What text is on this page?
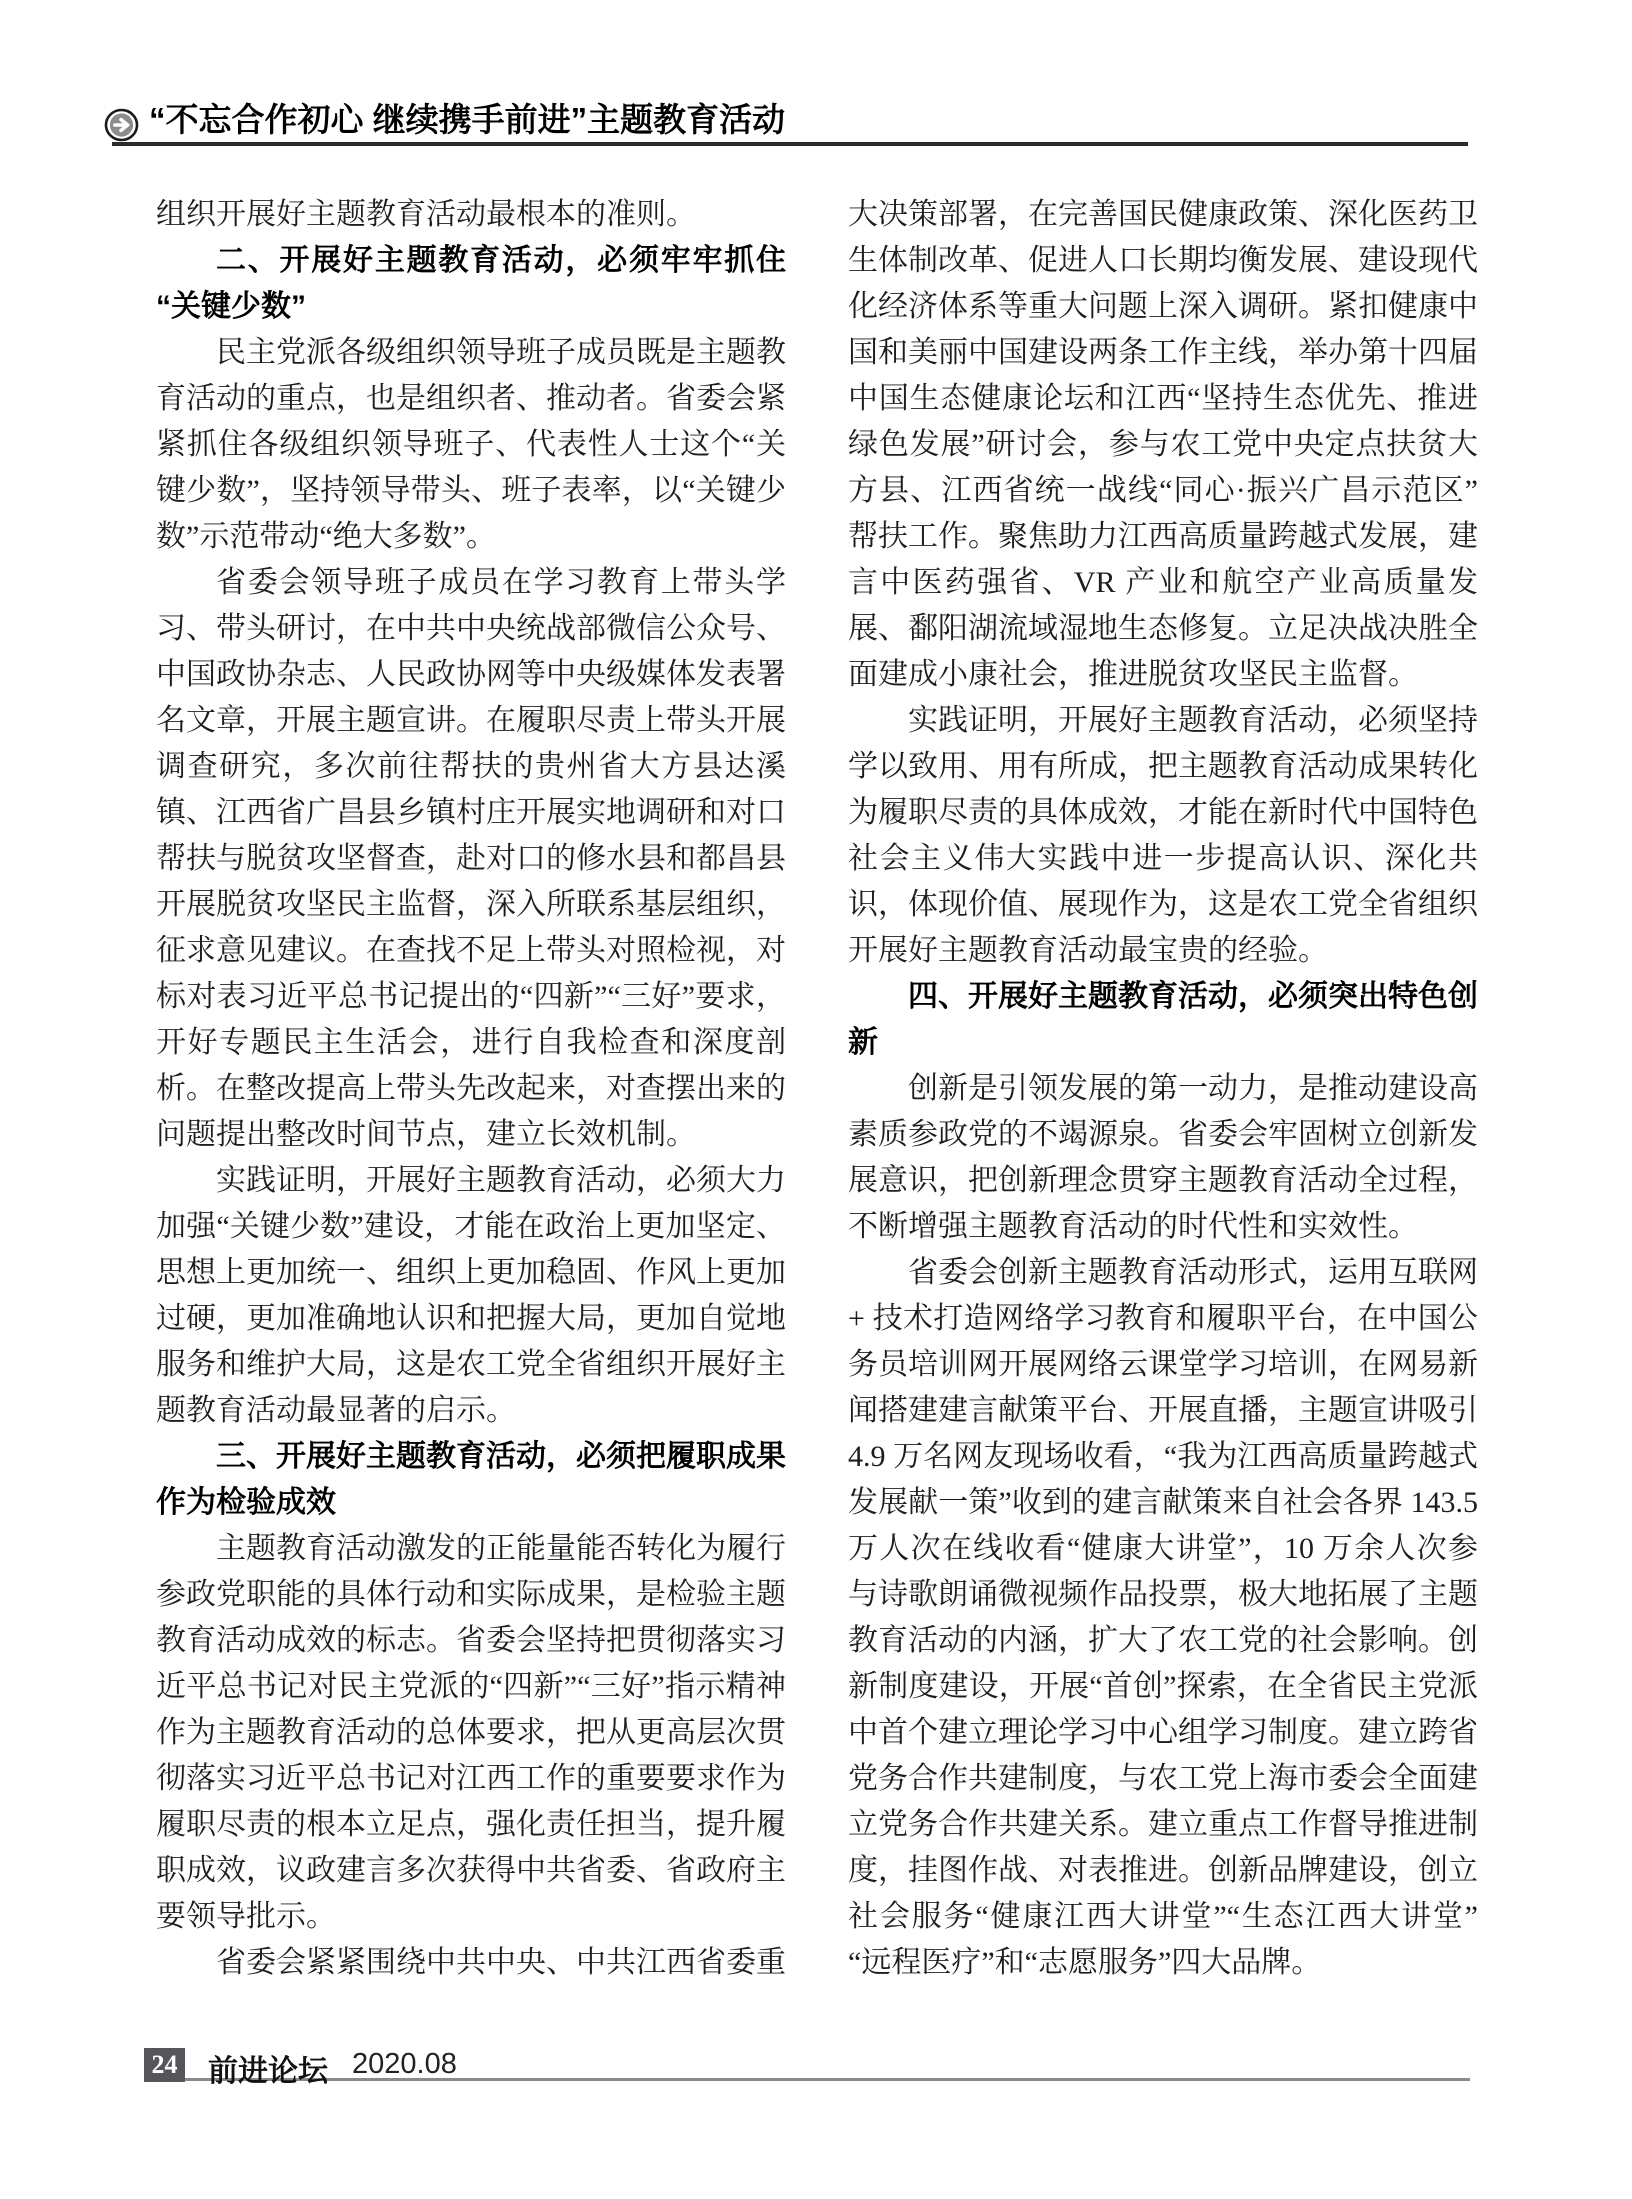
“不忘合作初心 继续携手前进”主题教育活动

组织开展好主题教育活动最根本的准则。

二、开展好主题教育活动，必须牢牢抓住“关键少数”

民主党派各级组织领导班子成员既是主题教育活动的重点，也是组织者、推动者。省委会紧紧抓住各级组织领导班子、代表性人士这个“关键少数”，坚持领导带头、班子表率，以“关键少数”示范带动“绝大多数”。

省委会领导班子成员在学习教育上带头学习、带头研讨，在中共中央统战部微信公众号、中国政协杂志、人民政协网等中央级媒体发表署名文章，开展主题宣讲。在履职尽责上带头开展调查研究，多次前往帮扶的贵州省大方县达溪镇、江西省广昌县乡镇村庄开展实地调研和对口帮扶与脱贫攻坚督查，赴对口的修水县和都昌县开展脱贫攻坚民主监督，深入所联系基层组织，征求意见建议。在查找不足上带头对照检视，对标对表习近平总书记提出的“四新”“三好”要求，开好专题民主生活会，进行自我检查和深度剖析。在整改提高上带头先改起来，对查摆出来的问题提出整改时间节点，建立长效机制。

实践证明，开展好主题教育活动，必须大力加强“关键少数”建设，才能在政治上更加坚定、思想上更加统一、组织上更加稳固、作风上更加过硬，更加准确地认识和把握大局，更加自觉地服务和维护大局，这是农工党全省组织开展好主题教育活动最显著的启示。

三、开展好主题教育活动，必须把履职成果作为检验成效

主题教育活动激发的正能量能否转化为履行参政党职能的具体行动和实际成果，是检验主题教育活动成效的标志。省委会坚持把贯彻落实习近平总书记对民主党派的“四新”“三好”指示精神作为主题教育活动的总体要求，把从更高层次贯彻落实习近平总书记对江西工作的重要要求作为履职尽责的根本立足点，强化责任担当，提升履职成效，议政建言多次获得中共省委、省政府主要领导批示。

省委会紧紧围绕中共中央、中共江西省委重

大决策部署，在完善国民健康政策、深化医药卫生体制改革、促进人口长期均衡发展、建设现代化经济体系等重大问题上深入调研。紧扣健康中国和美丽中国建设两条工作主线，举办第十四届中国生态健康论坛和江西“坚持生态优先、推进绿色发展”研讨会，参与农工党中央定点扶贫大方县、江西省统一战线“同心·振兴广昌示范区”帮扶工作。聚焦助力江西高质量跨越式发展，建言中医药强省、VR 产业和航空产业高质量发展、鄱阳湖流域湿地生态修复。立足决战决胜全面建成小康社会，推进脱贫攻坚民主监督。

实践证明，开展好主题教育活动，必须坚持学以致用、用有所成，把主题教育活动成果转化为履职尽责的具体成效，才能在新时代中国特色社会主义伟大实践中进一步提高认识、深化共识，体现价值、展现作为，这是农工党全省组织开展好主题教育活动最宝贵的经验。

四、开展好主题教育活动，必须突出特色创新

创新是引领发展的第一动力，是推动建设高素质参政党的不竭源泉。省委会牢固树立创新发展意识，把创新理念贯穿主题教育活动全过程，不断增强主题教育活动的时代性和实效性。

省委会创新主题教育活动形式，运用互联网 + 技术打造网络学习教育和履职平台，在中国公务员培训网开展网络云课堂学习培训，在网易新闻搭建建言献策平台、开展直播，主题宣讲吸引 4.9 万名网友现场收看，“我为江西高质量跨越式发展献一策”收到的建言献策来自社会各界 143.5 万人次在线收看“健康大讲堂”，10 万余人次参与诗歌朗诵微视频作品投票，极大地拓展了主题教育活动的内涵，扩大了农工党的社会影响。创新制度建设，开展“首创”探索，在全省民主党派中首个建立理论学习中心组学习制度。建立跨省党务合作共建制度，与农工党上海市委会全面建立党务合作共建关系。建立重点工作督导推进制度，挂图作战、对表推进。创新品牌建设，创立社会服务“健康江西大讲堂”“生态江西大讲堂”“远程医疗”和“志愿服务”四大品牌。

24 前进论坛 2020.08
